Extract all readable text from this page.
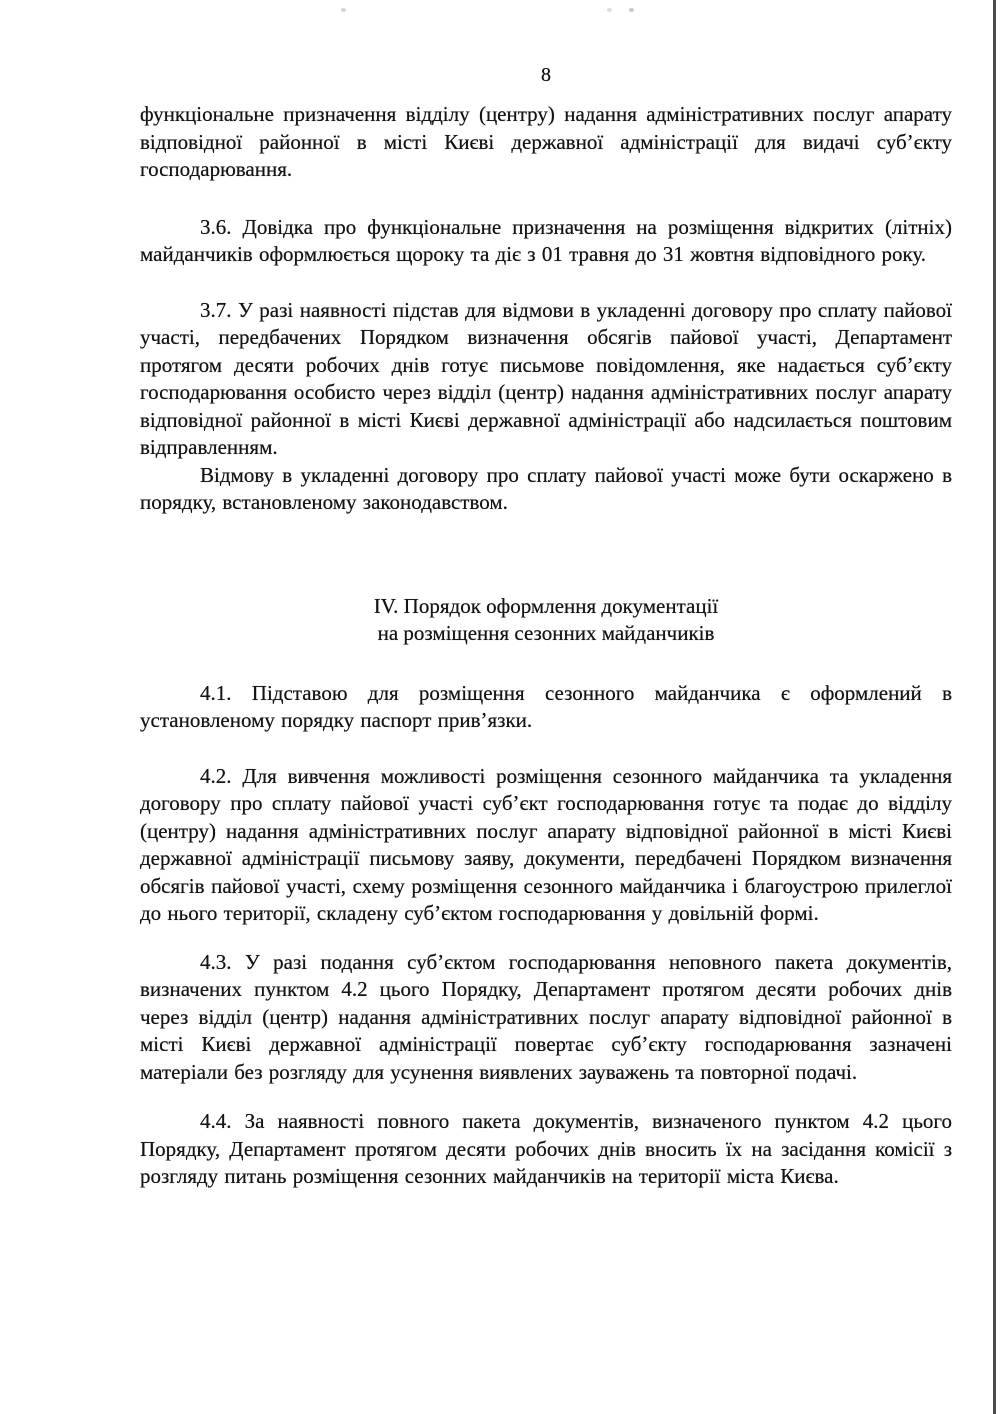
8

функціональне призначення відділу (центру) надання адміністративних послуг апарату відповідної районної в місті Києві державної адміністрації для видачі суб’єкту господарювання.

3.6. Довідка про функціональне призначення на розміщення відкритих (літніх) майданчиків оформлюється щороку та діє з 01 травня до 31 жовтня відповідного року.

3.7. У разі наявності підстав для відмови в укладенні договору про сплату пайової участі, передбачених Порядком визначення обсягів пайової участі, Департамент протягом десяти робочих днів готує письмове повідомлення, яке надається суб’єкту господарювання особисто через відділ (центр) надання адміністративних послуг апарату відповідної районної в місті Києві державної адміністрації або надсилається поштовим відправленням.

Відмову в укладенні договору про сплату пайової участі може бути оскаржено в порядку, встановленому законодавством.

IV. Порядок оформлення документації
на розміщення сезонних майданчиків

4.1. Підставою для розміщення сезонного майданчика є оформлений в установленому порядку паспорт прив’язки.

4.2. Для вивчення можливості розміщення сезонного майданчика та укладення договору про сплату пайової участі суб’єкт господарювання готує та подає до відділу (центру) надання адміністративних послуг апарату відповідної районної в місті Києві державної адміністрації письмову заяву, документи, передбачені Порядком визначення обсягів пайової участі, схему розміщення сезонного майданчика і благоустрою прилеглої до нього території, складену суб’єктом господарювання у довільній формі.

4.3. У разі подання суб’єктом господарювання неповного пакета документів, визначених пунктом 4.2 цього Порядку, Департамент протягом десяти робочих днів через відділ (центр) надання адміністративних послуг апарату відповідної районної в місті Києві державної адміністрації повертає суб’єкту господарювання зазначені матеріали без розгляду для усунення виявлених зауважень та повторної подачі.

4.4. За наявності повного пакета документів, визначеного пунктом 4.2 цього Порядку, Департамент протягом десяти робочих днів вносить їх на засідання комісії з розгляду питань розміщення сезонних майданчиків на території міста Києва.
